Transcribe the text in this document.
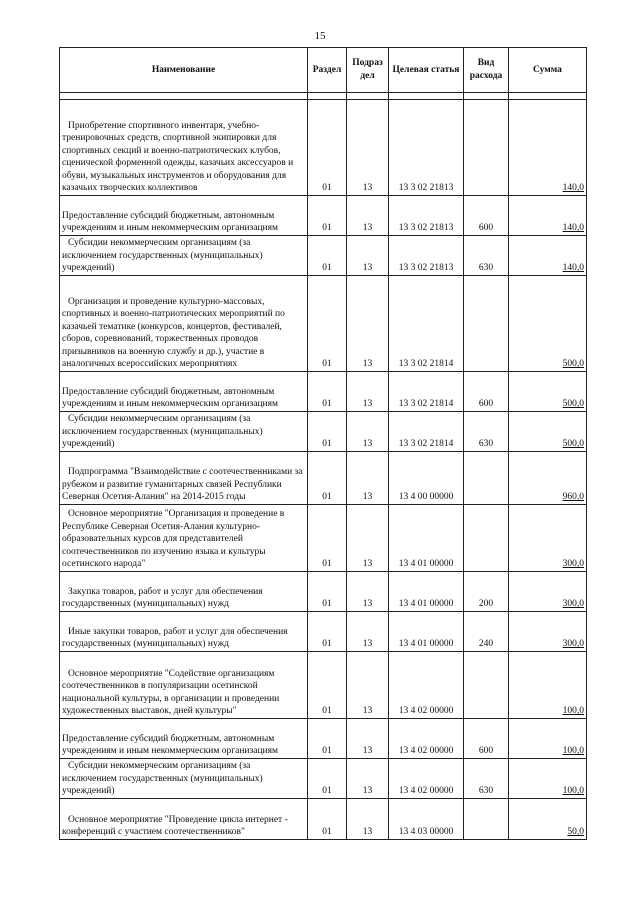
15
Наименование	Раздел	Подраз дел	Целевая статья	Вид расхода	Сумма

Приобретение спортивного инвентаря, учебно-тренировочных средств, спортивной экипировки для спортивных секций и военно-патриотических клубов, сценической форменной одежды, казачьих аксессуаров и обуви, музыкальных инструментов и оборудования для казачьих творческих коллективов	01	13	13 3 02 21813		140,0
Предоставление субсидий бюджетным, автономным учреждениям и иным некоммерческим организациям	01	13	13 3 02 21813	600	140,0
Субсидии некоммерческим организациям (за исключением государственных (муниципальных) учреждений)	01	13	13 3 02 21813	630	140,0
Организация и проведение культурно-массовых, спортивных и военно-патриотических мероприятий по казачьей тематике (конкурсов, концертов, фестивалей, сборов, соревнований, торжественных проводов призывников на военную службу и др.), участие в аналогичных всероссийских мероприятиях	01	13	13 3 02 21814		500,0
Предоставление субсидий бюджетным, автономным учреждениям и иным некоммерческим организациям	01	13	13 3 02 21814	600	500,0
Субсидии некоммерческим организациям (за исключением государственных (муниципальных) учреждений)	01	13	13 3 02 21814	630	500,0
Подпрограмма "Взаимодействие с соотечественниками за рубежом и развитие гуманитарных связей Республики Северная Осетия-Алания" на 2014-2015 годы	01	13	13 4 00 00000		960,0
Основное мероприятие "Организация и проведение в Республике Северная Осетия-Алания культурно-образовательных курсов для представителей соотечественников по изучению языка и культуры осетинского народа"	01	13	13 4 01 00000		300,0
Закупка товаров, работ и услуг для обеспечения государственных (муниципальных) нужд	01	13	13 4 01 00000	200	300,0
Иные закупки товаров, работ и услуг для обеспечения государственных (муниципальных) нужд	01	13	13 4 01 00000	240	300,0
Основное мероприятие "Содействие организациям соотечественников в популяризации осетинской национальной культуры, в организации и проведении художественных выставок, дней культуры"	01	13	13 4 02 00000		100,0
Предоставление субсидий бюджетным, автономным учреждениям и иным некоммерческим организациям	01	13	13 4 02 00000	600	100,0
Субсидии некоммерческим организациям (за исключением государственных (муниципальных) учреждений)	01	13	13 4 02 00000	630	100,0
Основное мероприятие "Проведение цикла интернет - конференций с участием соотечественников"	01	13	13 4 03 00000		50,0
